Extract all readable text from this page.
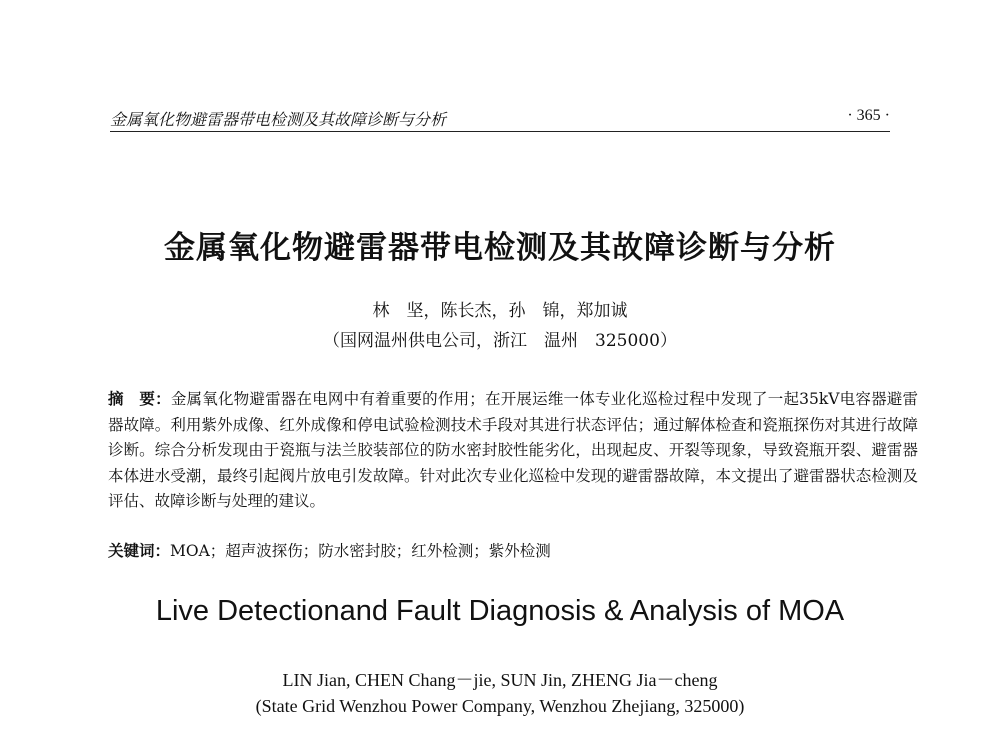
金属氧化物避雷器带电检测及其故障诊断与分析	· 365 ·
金属氧化物避雷器带电检测及其故障诊断与分析
林　坚，陈长杰，孙　锦，郑加诚
（国网温州供电公司，浙江　温州　325000）
摘　要：金属氧化物避雷器在电网中有着重要的作用；在开展运维一体专业化巡检过程中发现了一起35kV电容器避雷器故障。利用紫外成像、红外成像和停电试验检测技术手段对其进行状态评估；通过解体检查和瓷瓶探伤对其进行故障诊断。综合分析发现由于瓷瓶与法兰胶装部位的防水密封胶性能劣化，出现起皮、开裂等现象，导致瓷瓶开裂、避雷器本体进水受潮，最终引起阀片放电引发故障。针对此次专业化巡检中发现的避雷器故障，本文提出了避雷器状态检测及评估、故障诊断与处理的建议。
关键词：MOA；超声波探伤；防水密封胶；红外检测；紫外检测
Live Detectionand Fault Diagnosis & Analysis of MOA
LIN Jian, CHEN Chang－jie, SUN Jin, ZHENG Jia－cheng
(State Grid Wenzhou Power Company, Wenzhou Zhejiang, 325000)
